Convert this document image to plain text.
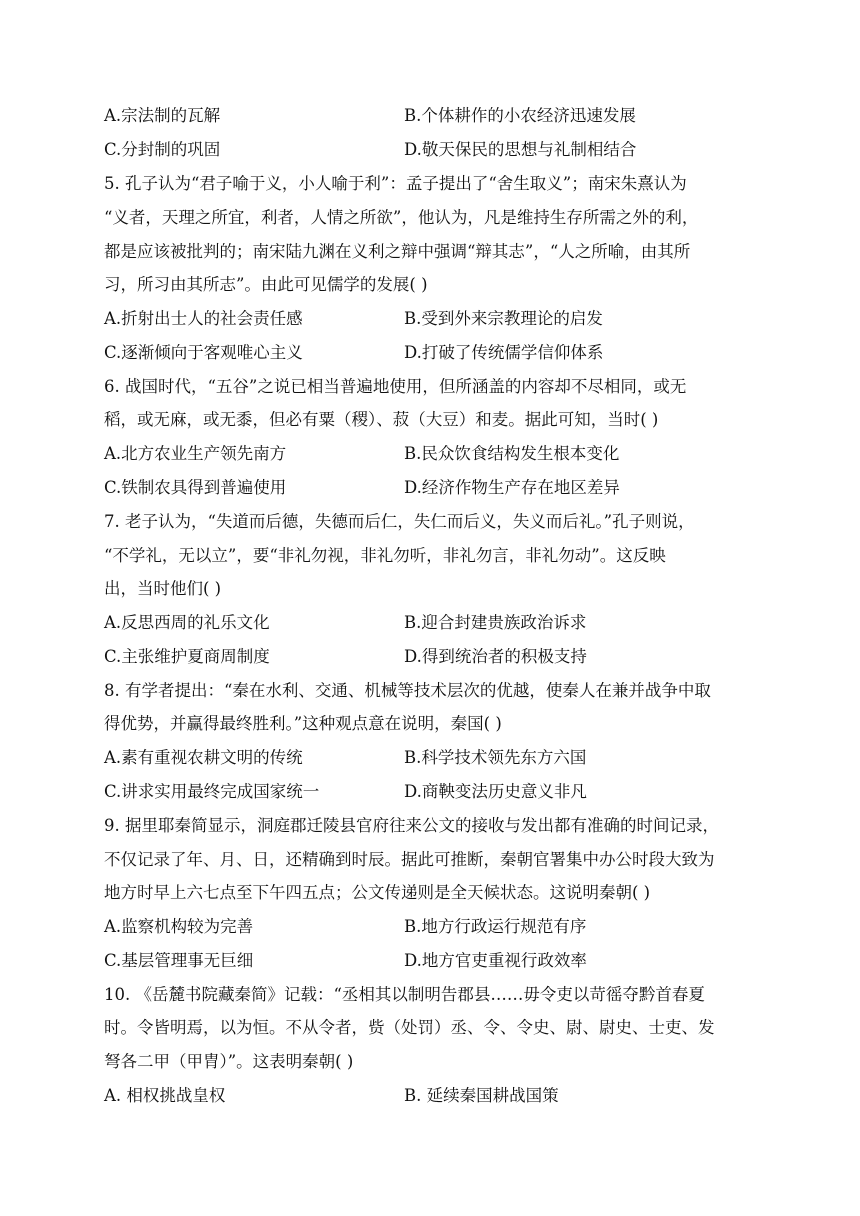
A.宗法制的瓦解	B.个体耕作的小农经济迅速发展
C.分封制的巩固	D.敬天保民的思想与礼制相结合
5. 孔子认为“君子喻于义，小人喻于利”：孟子提出了“舍生取义”；南宋朱熹认为
“义者，天理之所宜，利者，人情之所欲”，他认为，凡是维持生存所需之外的利，
都是应该被批判的；南宋陆九渊在义利之辩中强调“辩其志”，“人之所喻，由其所
习，所习由其所志”。由此可见儒学的发展( )
A.折射出士人的社会责任感	B.受到外来宗教理论的启发
C.逐渐倾向于客观唯心主义	D.打破了传统儒学信仰体系
6. 战国时代，“五谷”之说已相当普遍地使用，但所涵盖的内容却不尽相同，或无
稻，或无麻，或无黍，但必有粟（稷）、菽（大豆）和麦。据此可知，当时( )
A.北方农业生产领先南方	B.民众饮食结构发生根本变化
C.铁制农具得到普遍使用	D.经济作物生产存在地区差异
7. 老子认为，“失道而后德，失德而后仁，失仁而后义，失义而后礼。”孔子则说，
“不学礼，无以立”，要“非礼勿视，非礼勿听，非礼勿言，非礼勿动”。这反映
出，当时他们( )
A.反思西周的礼乐文化	B.迎合封建贵族政治诉求
C.主张维护夏商周制度	D.得到统治者的积极支持
8. 有学者提出：“秦在水利、交通、机械等技术层次的优越，使秦人在兼并战争中取
得优势，并赢得最终胜利。”这种观点意在说明，秦国( )
A.素有重视农耕文明的传统	B.科学技术领先东方六国
C.讲求实用最终完成国家统一	D.商鞅变法历史意义非凡
9. 据里耶秦简显示，洞庭郡迁陵县官府往来公文的接收与发出都有准确的时间记录，
不仅记录了年、月、日，还精确到时辰。据此可推断，秦朝官署集中办公时段大致为
地方时早上六七点至下午四五点；公文传递则是全天候状态。这说明秦朝( )
A.监察机构较为完善	B.地方行政运行规范有序
C.基层管理事无巨细	D.地方官吏重视行政效率
10. 《岳麓书院藏秦简》记载：“丞相其以制明告郡县……毋令吏以苛徭夺黔首春夏
时。令皆明焉，以为恒。不从令者，赀（处罚）丞、令、令史、尉、尉史、士吏、发
弩各二甲（甲胄）”。这表明秦朝( )
A. 相权挑战皇权	B. 延续秦国耕战国策
